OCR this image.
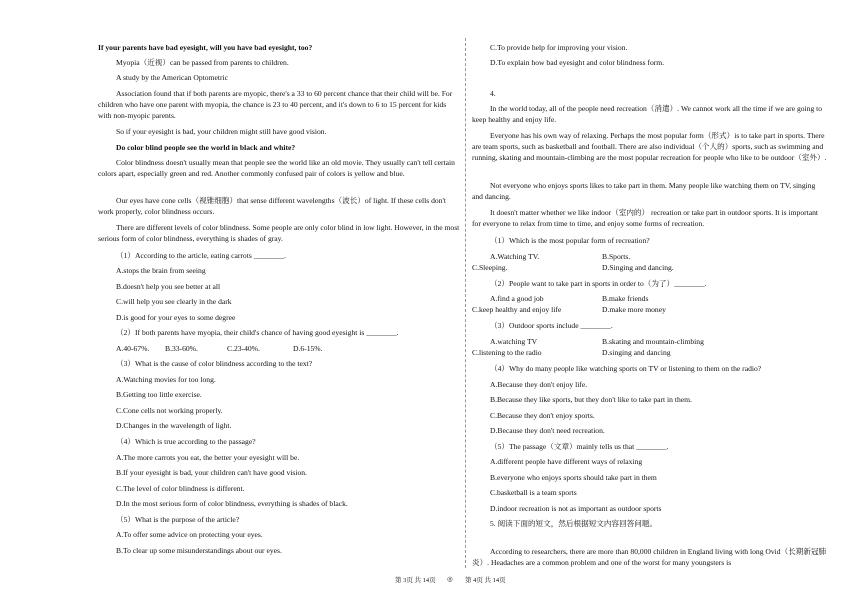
If your parents have bad eyesight, will you have bad eyesight, too?
Myopia（近视）can be passed from parents to children.
A study by the American Optometric
Association found that if both parents are myopic, there's a 33 to 60 percent chance that their child will be. For children who have one parent with myopia, the chance is 23 to 40 percent, and it's down to 6 to 15 percent for kids with non-myopic parents.
So if your eyesight is bad, your children might still have good vision.
Do color blind people see the world in black and white?
Color blindness doesn't usually mean that people see the world like an old movie. They usually can't tell certain colors apart, especially green and red. Another commonly confused pair of colors is yellow and blue.
Our eyes have cone cells（视锥细胞）that sense different wavelengths（波长）of light. If these cells don't work properly, color blindness occurs.
There are different levels of color blindness. Some people are only color blind in low light. However, in the most serious form of color blindness, everything is shades of gray.
（1）According to the article, eating carrots ________.
A.stops the brain from seeing
B.doesn't help you see better at all
C.will help you see clearly in the dark
D.is good for your eyes to some degree
（2）If both parents have myopia, their child's chance of having good eyesight is ________.
A.40-67%. B.33-60%.	C.23-40%.	D.6-15%.
（3）What is the cause of color blindness according to the text?
A.Watching movies for too long.
B.Getting too little exercise.
C.Cone cells not working properly.
D.Changes in the wavelength of light.
（4）Which is true according to the passage?
A.The more carrots you eat, the better your eyesight will be.
B.If your eyesight is bad, your children can't have good vision.
C.The level of color blindness is different.
D.In the most serious form of color blindness, everything is shades of black.
（5）What is the purpose of the article?
A.To offer some advice on protecting your eyes.
B.To clear up some misunderstandings about our eyes.
C.To provide help for improving your vision.
D.To explain how bad eyesight and color blindness form.
4.
In the world today, all of the people need recreation（消遣）. We cannot work all the time if we are going to keep healthy and enjoy life.
Everyone has his own way of relaxing. Perhaps the most popular form（形式）is to take part in sports. There are team sports, such as basketball and football. There are also individual（个人的）sports, such as swimming and running, skating and mountain-climbing are the most popular recreation for people who like to be outdoor（室外）.
Not everyone who enjoys sports likes to take part in them. Many people like watching them on TV, singing and dancing.
It doesn't matter whether we like indoor（室内的） recreation or take part in outdoor sports. It is important for everyone to relax from time to time, and enjoy some forms of recreation.
（1）Which is the most popular form of recreation?
A.Watching TV.	B.Sports.
C.Sleeping.	D.Singing and dancing.
（2）People want to take part in sports in order to（为了）________.
A.find a good job	B.make friends
C.keep healthy and enjoy life	D.make more money
（3）Outdoor sports include ________.
A.watching TV	B.skating and mountain-climbing
C.listening to the radio	D.singing and dancing
（4）Why do many people like watching sports on TV or listening to them on the radio?
A.Because they don't enjoy life.
B.Because they like sports, but they don't like to take part in them.
C.Because they don't enjoy sports.
D.Because they don't need recreation.
（5）The passage（文章）mainly tells us that ________.
A.different people have different ways of relaxing
B.everyone who enjoys sports should take part in them
C.basketball is a team sports
D.indoor recreation is not as important as outdoor sports
5. 阅读下面的短文，然后根据短文内容回答问题。
According to researchers, there are more than 80,000 children in England living with long Ovid（长期新冠肺炎）. Headaches are a common problem and one of the worst for many youngsters is
第 3页 共 14页 ◎ 第 4页 共 14页
